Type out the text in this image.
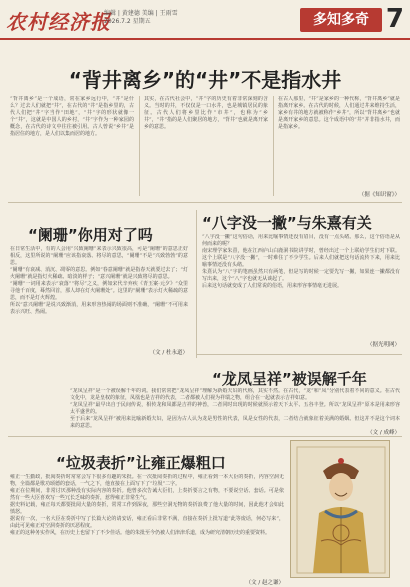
农村经济报
编辑 | 黄建德 美编 | 王雨雪
2026.7.2 星期五	多知多奇 7
“背井离乡”的“井”不是指水井
“背井离乡”是一个成语，常在家乡远行中，“井”是什么？过去人们就把“井”，在古代的“井”是指乡里的，古代人们把“井”字当作“田地”，“井”字的形状就像一个“井”，这就是中国人的乡村，“井”字作为一种家园的概念，在古代的诗文中往往被引用。古人曾说“乡井”是指居住的地方，是人们以集而居的地方。
其实，在古代社会中，“井”字的历史有着非常深刻的含义。当时的井，不仅仅是一口水井，也是城镇居民的象征。古代人们将乡里比作“市井”，也称为“乡井”，“井”指的是人们聚居的地方，“背井”也就是离开家乡的意思。
在古人那里，“井”是家乡的一种代称，“背井离乡”就是指离开家乡。在古代的时候，人们通过井来维持生活，家乡有井的地方就被称作“乡井”，所以“背井离乡”也就是离开家乡的意思。这个成语中的“井”并非指水井，而是指家乡。
（据《知识窗》）
“阑珊”你用对了吗

在日常生活中，有的人会用“兴致阑珊”来表示兴致很高，可是“阑珊”的意思正好相反，这里所说的“阑珊”应该指衰落、将尽的意思，“阑珊”不是“兴致勃勃”的意思。

“阑珊”有衰减、消沉、凋零的意思。例如“春意阑珊”就是指春天就要过去了；“灯火阑珊”就是指灯火稀疏、暗淡的样子；“意兴阑珊”就是兴致将尽的意思。

“阑珊”一词用来表示“衰落”“将尽”之义，例如宋代辛弃疾《青玉案·元夕》“众里寻他千百度，蓦然回首，那人却在灯火阑珊处”。这里的“阑珊”表示灯火稀疏的意思，而不是灯火辉煌。

所以“意兴阑珊”是说兴致渐消，用来形容热闹的场面则不准确，“阑珊”不可用来表示兴旺、热闹。

（文 / 杜永道）
“八字没一撇”与朱熹有关

“八字没一撇”这句俗话，用来比喻事情还没有眉目，没有一点头绪。那么，这个俗语是从何而来的呢？

南宋理学家朱熹，他在江西庐山白鹿洞书院讲学时，曾经出过一个上联给学生们对下联。这个上联是“八字没一撇”，一时难住了不少学生。后来人们就把这句话流传下来，用来比喻事情还没有头绪。

朱熹认为“八”字的笔画虽然只有两笔，但是写的时候一定要先写一撇，如果连一撇都没有写出来，这个“八”字也就无从谈起了。

后来这句话就变成了人们常说的俗语，用来形容事情毫无进展。

（据光明网）
“龙凤呈祥”被误解千年

“龙凤呈祥”是一个被误解千年的词。我们常常把“龙凤呈祥”理解为新婚夫妇的代称，其实不然。在古代，“龙”和“凤”分别代表着不同的意义。在古代文化中，龙是皇权的象征，凤凰也是吉祥的代表，二者都被人们视为祥瑞之物，组合在一起就表示吉祥如意。

“龙凤呈祥”最早出自于民间传说，相传龙和凤都是吉祥的神兽，二者同时出现的时候就预示着天下太平、五谷丰登。所以“龙凤呈祥”原本是用来形容太平盛世的。

至于后来“龙凤呈祥”被用来比喻新婚夫妇，是因为古人认为龙是男性的代表，凤是女性的代表，二者结合就象征着美满的婚姻。但这并不是这个词本来的意思。

（文 / 成峰）
“垃圾表折”让雍正爆粗口

雍正一生勤政，批阅奏折时常常会写下很多有趣的朱批。在一次批阅奏折的过程中，雍正看到一本大臣的奏折，内容空洞无物，全篇都是歌功颂德的套话，一气之下，他直接在上面写下了“垃圾”二字。

雍正在位期间，非常讨厌那种没有实际内容的奏折。他曾多次告诫大臣们，上奏折要言之有物，不要说空话、套话。可是依然有一些大臣喜欢写一些冗长乏味的奏折，惹得雍正非常生气。

据史料记载，雍正每天都要批阅大量的奏折，常常工作到深夜，那些空洞无物的奏折浪费了他大量的时间，因此他才会如此愤怒。

据说有一次，一名大臣在奏折中写了长篇大论的请安话，雍正看后非常不满，直接在奏折上批写道“此等废话，何必写来”，由此可见雍正对空洞奏折的厌恶程度。

雍正的这种务实作风，在历史上也留下了不少佳话。他的朱批至今仍被人们津津乐道，成为研究清朝历史的重要资料。

（文 / 赵之谦）
